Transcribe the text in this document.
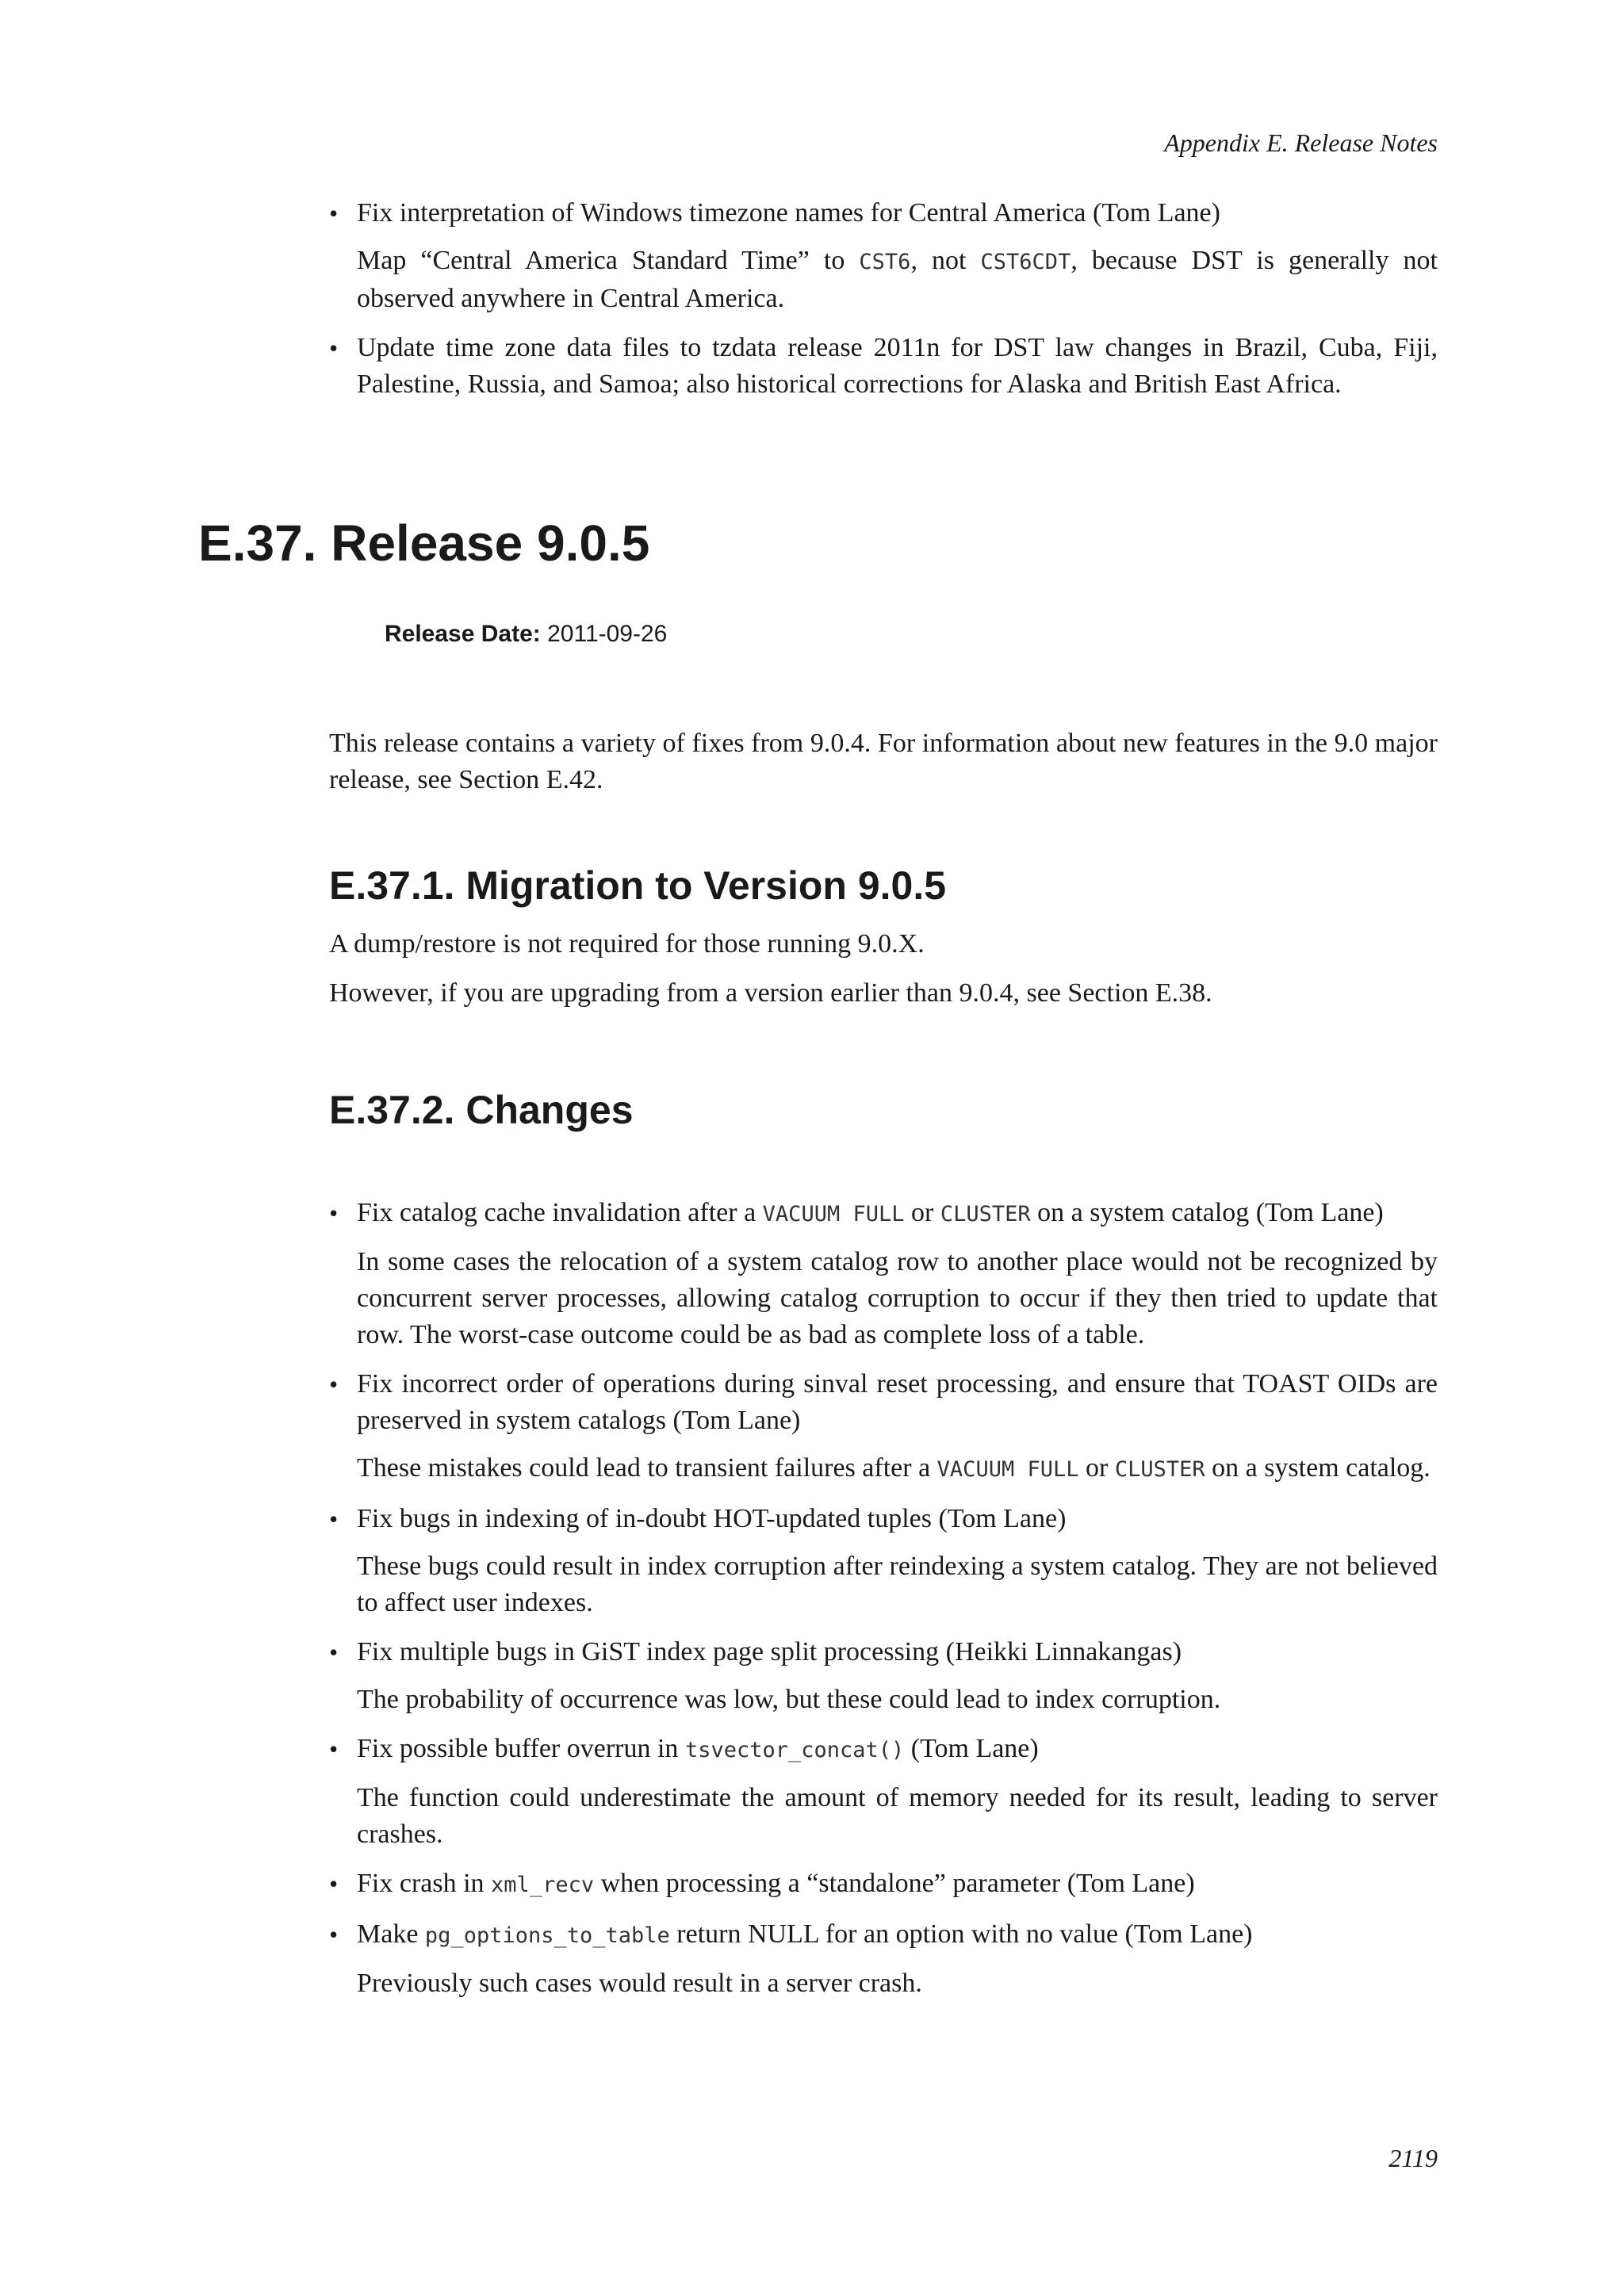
Appendix E. Release Notes
• Fix interpretation of Windows timezone names for Central America (Tom Lane)

Map “Central America Standard Time” to CST6, not CST6CDT, because DST is generally not observed anywhere in Central America.

• Update time zone data files to tzdata release 2011n for DST law changes in Brazil, Cuba, Fiji, Palestine, Russia, and Samoa; also historical corrections for Alaska and British East Africa.

E.37. Release 9.0.5
Release Date: 2011-09-26

This release contains a variety of fixes from 9.0.4. For information about new features in the 9.0 major release, see Section E.42.

E.37.1. Migration to Version 9.0.5

A dump/restore is not required for those running 9.0.X.

However, if you are upgrading from a version earlier than 9.0.4, see Section E.38.

E.37.2. Changes
• Fix catalog cache invalidation after a VACUUM FULL or CLUSTER on a system catalog (Tom Lane)

In some cases the relocation of a system catalog row to another place would not be recognized by concurrent server processes, allowing catalog corruption to occur if they then tried to update that row. The worst-case outcome could be as bad as complete loss of a table.

• Fix incorrect order of operations during sinval reset processing, and ensure that TOAST OIDs are preserved in system catalogs (Tom Lane)

These mistakes could lead to transient failures after a VACUUM FULL or CLUSTER on a system catalog.

• Fix bugs in indexing of in-doubt HOT-updated tuples (Tom Lane)

These bugs could result in index corruption after reindexing a system catalog. They are not believed to affect user indexes.

• Fix multiple bugs in GiST index page split processing (Heikki Linnakangas)

The probability of occurrence was low, but these could lead to index corruption.

• Fix possible buffer overrun in tsvector_concat() (Tom Lane)

The function could underestimate the amount of memory needed for its result, leading to server crashes.

• Fix crash in xml_recv when processing a “standalone” parameter (Tom Lane)

• Make pg_options_to_table return NULL for an option with no value (Tom Lane)

Previously such cases would result in a server crash.

2119
